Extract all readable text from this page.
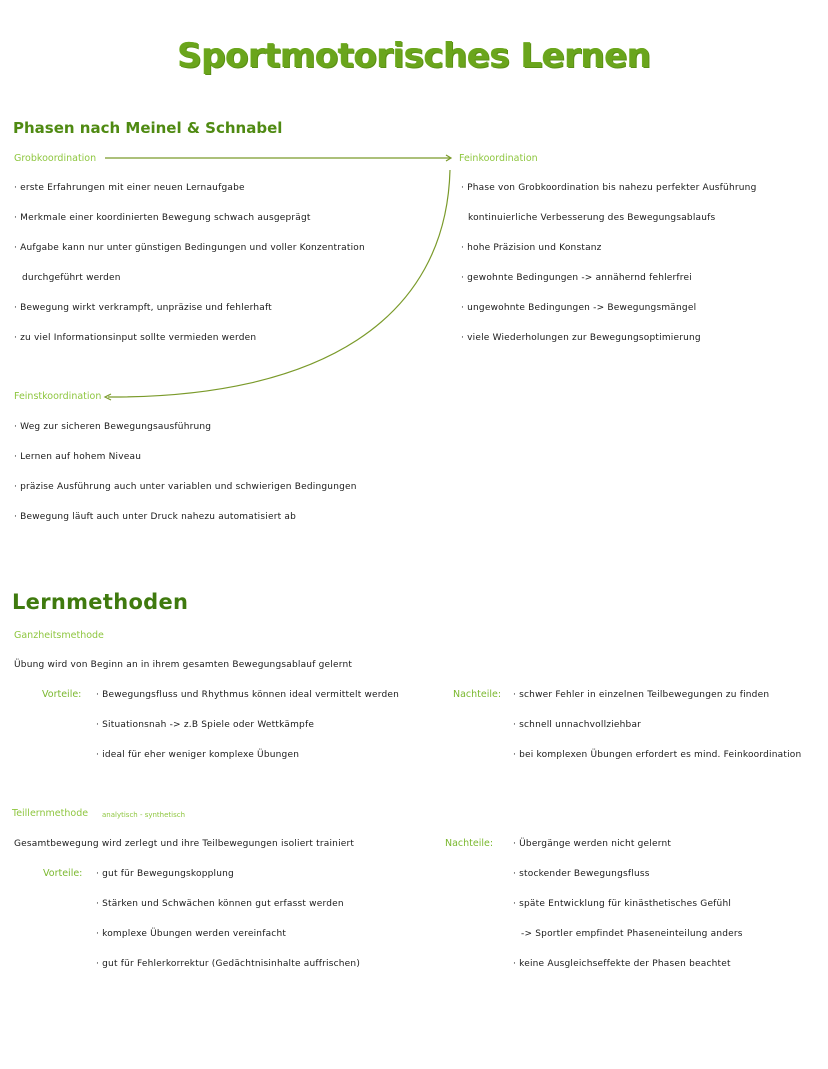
Sportmotorisches Lernen
Phasen nach Meinel & Schnabel
Grobkoordination
· erste Erfahrungen mit einer neuen Lernaufgabe
· Merkmale einer koordinierten Bewegung schwach ausgeprägt
· Aufgabe kann nur unter günstigen Bedingungen und voller Konzentration
durchgeführt werden
· Bewegung wirkt verkrampft, unpräzise und fehlerhaft
· zu viel Informationsinput sollte vermieden werden
Feinkoordination
· Phase von Grobkoordination bis nahezu perfekter Ausführung
kontinuierliche Verbesserung des Bewegungsablaufs
· hohe Präzision und Konstanz
· gewohnte Bedingungen -> annähernd fehlerfrei
· ungewohnte Bedingungen -> Bewegungsmängel
· viele Wiederholungen zur Bewegungsoptimierung
Feinstkoordination
· Weg zur sicheren Bewegungsausführung
· Lernen auf hohem Niveau
· präzise Ausführung auch unter variablen und schwierigen Bedingungen
· Bewegung läuft auch unter Druck nahezu automatisiert ab
Lernmethoden
Ganzheitsmethode
Übung wird von Beginn an in ihrem gesamten Bewegungsablauf gelernt
Vorteile: · Bewegungsfluss und Rhythmus können ideal vermittelt werden
· Situationsnah -> z.B Spiele oder Wettkämpfe
· ideal für eher weniger komplexe Übungen
Nachteile: · schwer Fehler in einzelnen Teilbewegungen zu finden
· schnell unnachvollziehbar
· bei komplexen Übungen erfordert es mind. Feinkoordination
Teillernmethode analytisch - synthetisch
Gesamtbewegung wird zerlegt und ihre Teilbewegungen isoliert trainiert
Vorteile: · gut für Bewegungskopplung
· Stärken und Schwächen können gut erfasst werden
· komplexe Übungen werden vereinfacht
· gut für Fehlerkorrektur (Gedächtnisinhalte auffrischen)
Nachteile: · Übergänge werden nicht gelernt
· stockender Bewegungsfluss
· späte Entwicklung für kinästhetisches Gefühl
-> Sportler empfindet Phaseneinteilung anders
· keine Ausgleichseffekte der Phasen beachtet
